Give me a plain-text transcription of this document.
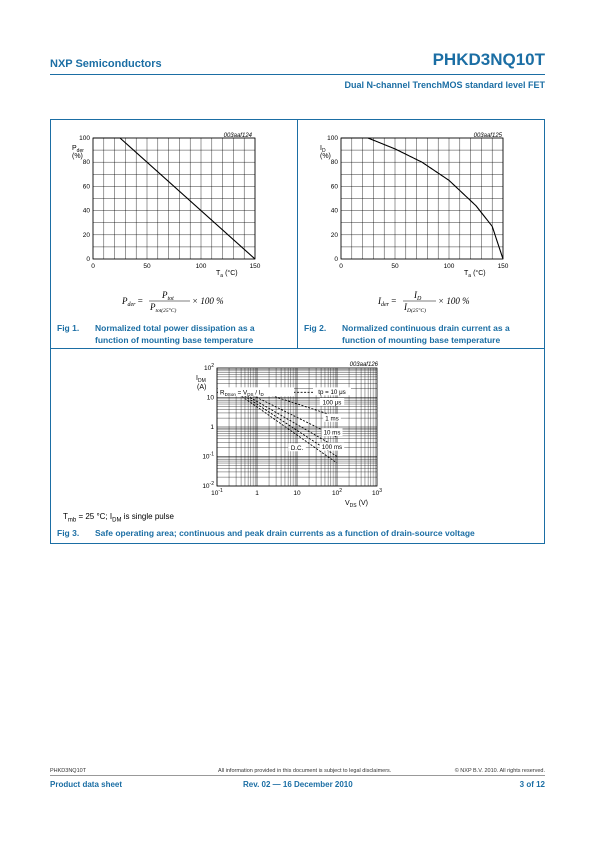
NXP Semiconductors	PHKD3NQ10T
Dual N-channel TrenchMOS standard level FET
003aaf124
0	50	100	150
0
20
40
60
80
100
$P_{der}$
(%)
$T_a$ (°C)
$P_{der}$ =
$P_{tot}$
$P_{tot(25^\circ C)}$
× 100 %
Fig 1. Normalized total power dissipation as a
function of mounting base temperature
003aaf125
0	50	100	150
0
20
40
60
80
100
$I_D$
(%)
$T_a$ (°C)
$I_{der}$ =
$I_D$
$I_{D(25^\circ C)}$
× 100 %
Fig 2. Normalized continuous drain current as a
function of mounting base temperature
003aaf126
$10^{-1}$	1	10	$10^2$	$10^3$
$10^{-2}$
$10^{-1}$
1
10
$10^2$
$R_{DSon} = V_{DS} / I_D$	tp = 10 μs
100 μs
1 ms
10 ms
100 ms
D.C.
$I_{DM}$
(A)
$V_{DS}$ (V)
$T_{mb} = 25$ °C; $I_{DM}$ is single pulse
Fig 3. Safe operating area; continuous and peak drain currents as a function of drain-source voltage
PHKD3NQ10T	All information provided in this document is subject to legal disclaimers.	© NXP B.V. 2010. All rights reserved.
Product data sheet	Rev. 02 — 16 December 2010	3 of 12
